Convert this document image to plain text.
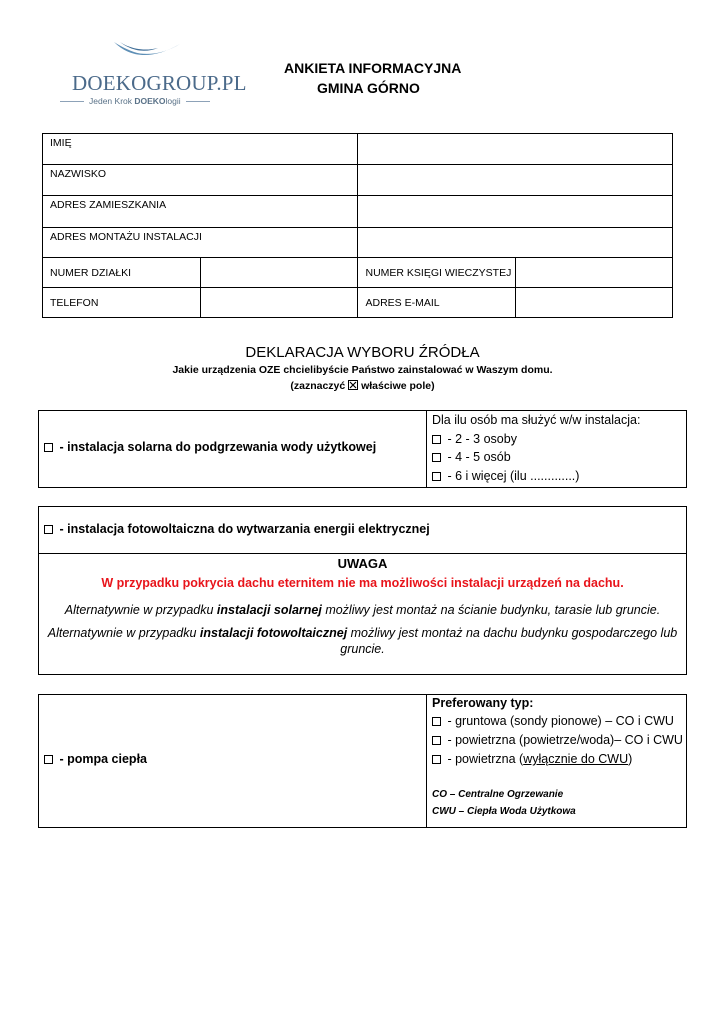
DOEKOGROUP.PL
Jeden Krok DOEKOlogii
ANKIETA INFORMACYJNA
GMINA GÓRNO
IMIĘ			
NAZWISKO			
ADRES ZAMIESZKANIA			
ADRES MONTAŻU INSTALACJI			
NUMER DZIAŁKI		NUMER KSIĘGI WIECZYSTEJ	
TELEFON		ADRES E-MAIL	
DEKLARACJA WYBORU ŹRÓDŁA
Jakie urządzenia OZE chcielibyście Państwo zainstalować w Waszym domu.
(zaznaczyć
właściwe pole)
- instalacja solarna do podgrzewania wody użytkowej
Dla ilu osób ma służyć w/w instalacja:
- 2 - 3 osoby
- 4 - 5 osób
- 6 i więcej (ilu .............)
- instalacja fotowoltaiczna do wytwarzania energii elektrycznej
UWAGA
W przypadku pokrycia dachu eternitem nie ma możliwości instalacji urządzeń na dachu.
Alternatywnie w przypadku instalacji solarnej możliwy jest montaż na ścianie budynku, tarasie lub gruncie.
Alternatywnie w przypadku instalacji fotowoltaicznej możliwy jest montaż na dachu budynku gospodarczego lub
gruncie.
- pompa ciepła
Preferowany typ:
- gruntowa (sondy pionowe) – CO i CWU
- powietrzna (powietrze/woda)– CO i CWU
- powietrzna (wyłącznie do CWU)
CO – Centralne Ogrzewanie
CWU – Ciepła Woda Użytkowa
